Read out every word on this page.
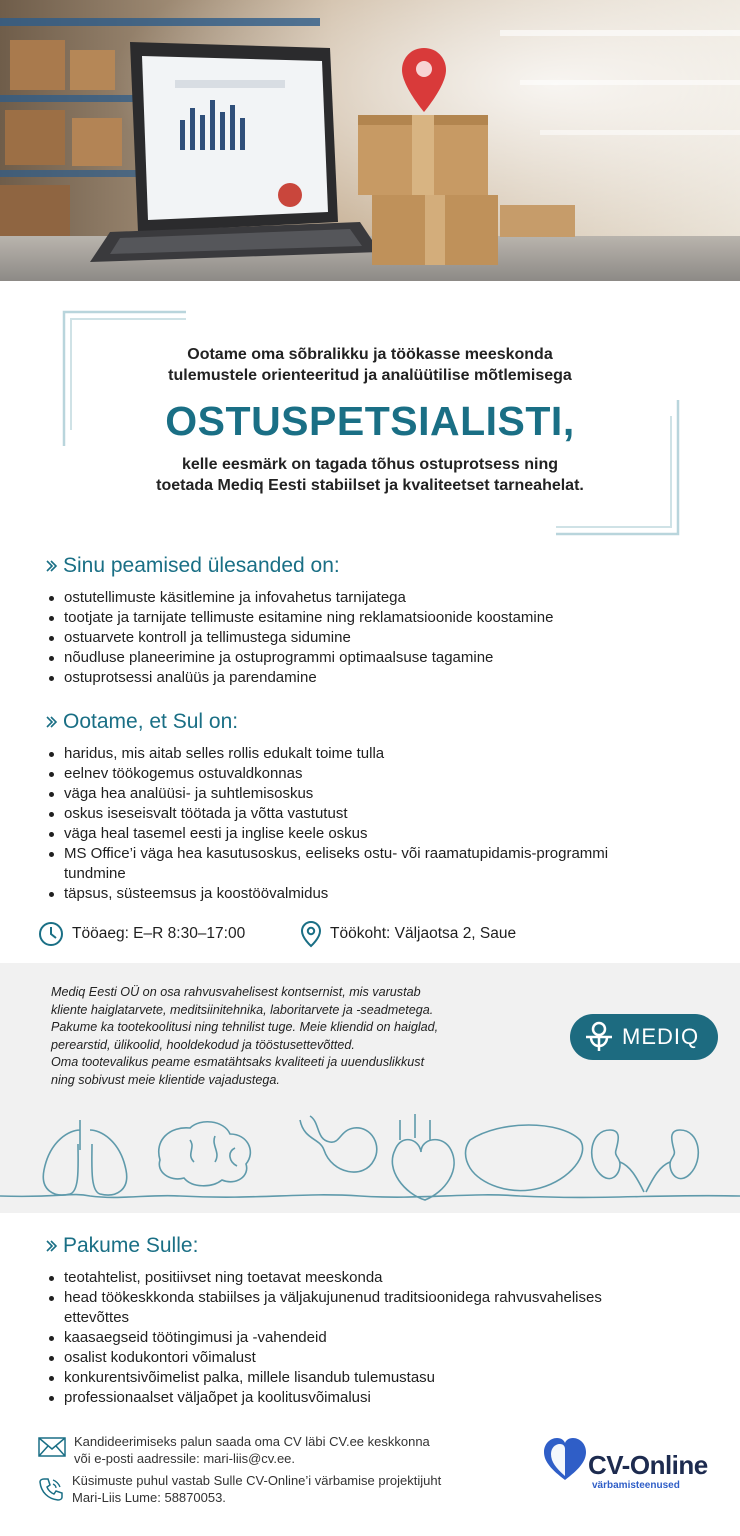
Ootame oma sõbralikku ja töökasse meeskonda
tulemustele orienteeritud ja analüütilise mõtlemisega
OSTUSPETSIALISTI,
kelle eesmärk on tagada tõhus ostuprotsess ning
toetada Mediq Eesti stabiilset ja kvaliteetset tarneahelat.
Sinu peamised ülesanded on:
ostutellimuste käsitlemine ja infovahetus tarnijatega
tootjate ja tarnijate tellimuste esitamine ning reklamatsioonide koostamine
ostuarvete kontroll ja tellimustega sidumine
nõudluse planeerimine ja ostuprogrammi optimaalsuse tagamine
ostuprotsessi analüüs ja parendamine
Ootame, et Sul on:
haridus, mis aitab selles rollis edukalt toime tulla
eelnev töökogemus ostuvaldkonnas
väga hea analüüsi- ja suhtlemisoskus
oskus iseseisvalt töötada ja võtta vastutust
väga heal tasemel eesti ja inglise keele oskus
MS Office’i väga hea kasutusoskus, eeliseks ostu- või raamatupidamis-programmi tundmine
täpsus, süsteemsus ja koostöövalmidus
Tööaeg: E–R 8:30–17:00	Töökoht: Väljaotsa 2, Saue
Mediq Eesti OÜ on osa rahvusvahelisest kontsernist, mis varustab
kliente haiglatarvete, meditsiinitehnika, laboritarvete ja -seadmetega.
Pakume ka tootekoolitusi ning tehnilist tuge. Meie kliendid on haiglad,
perearstid, ülikoolid, hooldekodud ja tööstusettevõtted.
Oma tootevalikus peame esmatähtsaks kvaliteeti ja uuenduslikkust
ning sobivust meie klientide vajadustega.
MEDIQ
Pakume Sulle:
teotahtelist, positiivset ning toetavat meeskonda
head töökeskkonda stabiilses ja väljakujunenud traditsioonidega rahvusvahelises ettevõttes
kaasaegseid töötingimusi ja -vahendeid
osalist kodukontori võimalust
konkurentsivõimelist palka, millele lisandub tulemustasu
professionaalset väljaõpet ja koolitusvõimalusi
Kandideerimiseks palun saada oma CV läbi CV.ee keskkonna
või e-posti aadressile: mari-liis@cv.ee.
Küsimuste puhul vastab Sulle CV-Online’i värbamise projektijuht
Mari-Liis Lume: 58870053.
CV-Online
värbamisteenused
